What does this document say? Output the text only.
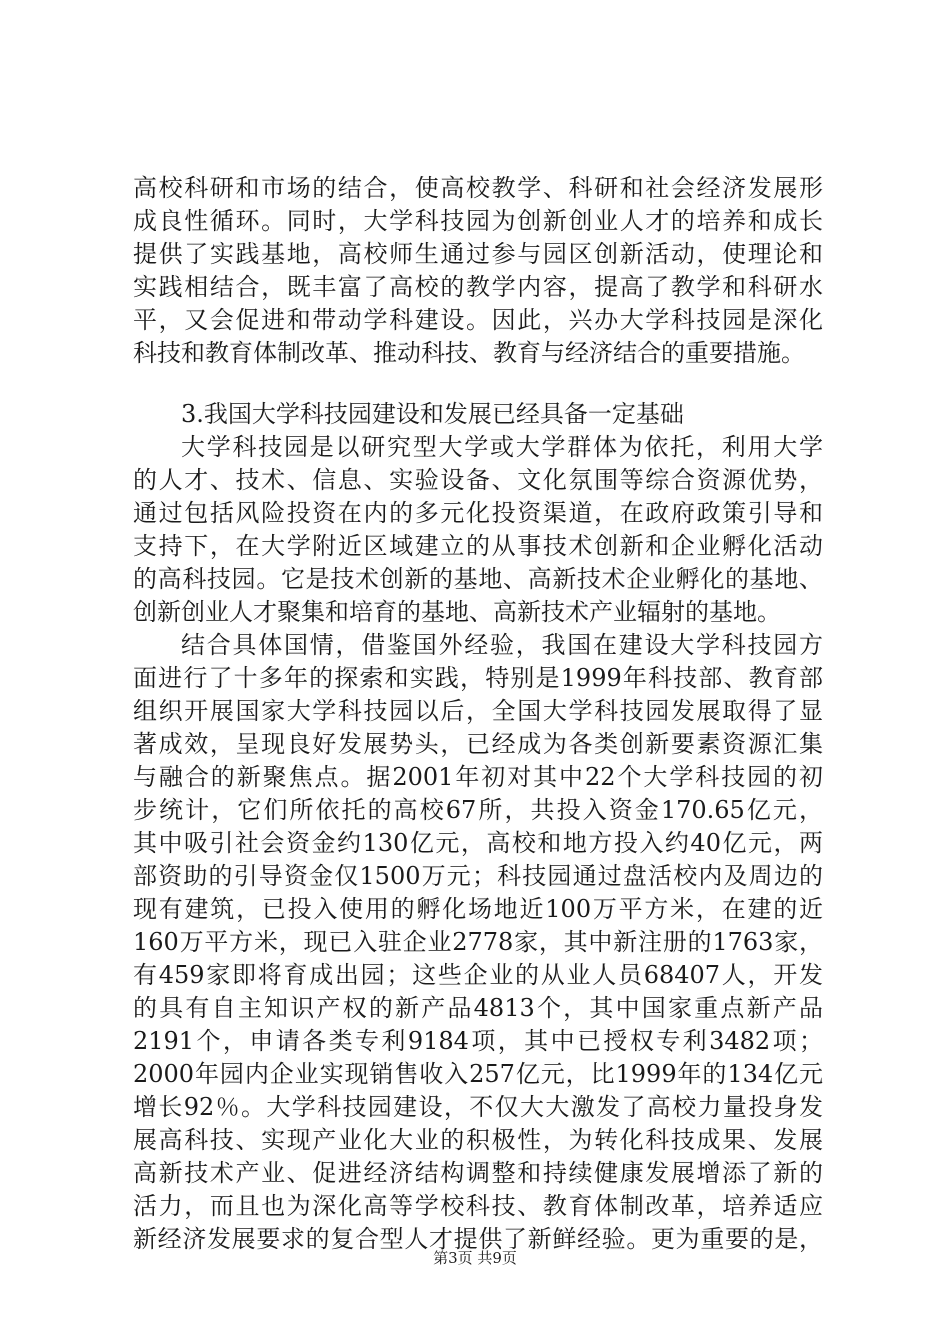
高校科研和市场的结合，使高校教学、科研和社会经济发展形
成良性循环。同时，大学科技园为创新创业人才的培养和成长
提供了实践基地，高校师生通过参与园区创新活动，使理论和
实践相结合，既丰富了高校的教学内容，提高了教学和科研水
平，又会促进和带动学科建设。因此，兴办大学科技园是深化
科技和教育体制改革、推动科技、教育与经济结合的重要措施。
3.我国大学科技园建设和发展已经具备一定基础
大学科技园是以研究型大学或大学群体为依托，利用大学
的人才、技术、信息、实验设备、文化氛围等综合资源优势，
通过包括风险投资在内的多元化投资渠道，在政府政策引导和
支持下，在大学附近区域建立的从事技术创新和企业孵化活动
的高科技园。它是技术创新的基地、高新技术企业孵化的基地、
创新创业人才聚集和培育的基地、高新技术产业辐射的基地。
结合具体国情，借鉴国外经验，我国在建设大学科技园方
面进行了十多年的探索和实践，特别是1999年科技部、教育部
组织开展国家大学科技园以后，全国大学科技园发展取得了显
著成效，呈现良好发展势头，已经成为各类创新要素资源汇集
与融合的新聚焦点。据2001年初对其中22个大学科技园的初
步统计，它们所依托的高校67所，共投入资金170.65亿元，
其中吸引社会资金约130亿元，高校和地方投入约40亿元，两
部资助的引导资金仅1500万元；科技园通过盘活校内及周边的
现有建筑，已投入使用的孵化场地近100万平方米，在建的近
160万平方米，现已入驻企业2778家，其中新注册的1763家，
有459家即将育成出园；这些企业的从业人员68407人，开发
的具有自主知识产权的新产品4813个，其中国家重点新产品
2191个，申请各类专利9184项，其中已授权专利3482项；
2000年园内企业实现销售收入257亿元，比1999年的134亿元
增长92％。大学科技园建设，不仅大大激发了高校力量投身发
展高科技、实现产业化大业的积极性，为转化科技成果、发展
高新技术产业、促进经济结构调整和持续健康发展增添了新的
活力，而且也为深化高等学校科技、教育体制改革，培养适应
新经济发展要求的复合型人才提供了新鲜经验。更为重要的是，
第3页 共9页
